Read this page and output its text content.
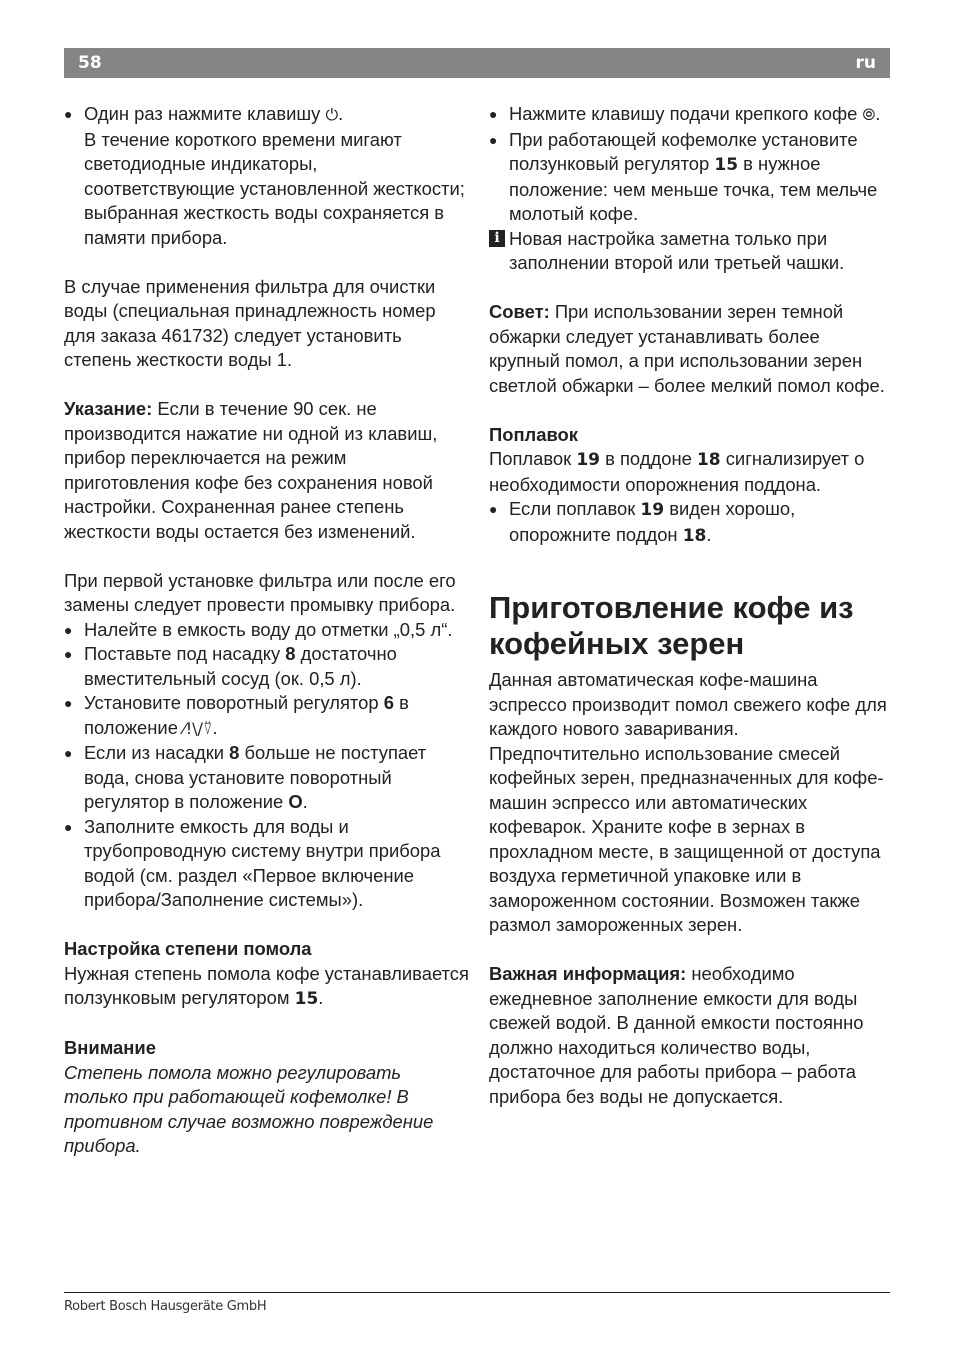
58	ru
● Один раз нажмите клавишу ⏻.
В течение короткого времени мигают светодиодные индикаторы, соответствующие установленной жесткости; выбранная жесткость воды сохраняется в памяти прибора.

В случае применения фильтра для очистки воды (специальная принадлежность номер для заказа 461732) следует установить степень жесткости воды 1.

Указание: Если в течение 90 сек. не производится нажатие ни одной из клавиш, прибор переключается на режим приготовления кофе без сохранения новой настройки. Сохраненная ранее степень жесткости воды остается без изменений.

При первой установке фильтра или после его замены следует провести промывку прибора.

● Налейте в емкость воду до отметки „0,5 л“.
● Поставьте под насадку 8 достаточно вместительный сосуд (ок. 0,5 л).
● Установите поворотный регулятор 6 в положение ⁄!\/⍢.
● Если из насадки 8 больше не поступает вода, снова установите поворотный регулятор в положение O.
● Заполните емкость для воды и трубопроводную систему внутри прибора водой (см. раздел «Первое включение прибора/Заполнение системы»).

Настройка степени помола

Нужная степень помола кофе устанавливается ползунковым регулятором 15.

Внимание

Степень помола можно регулировать только при работающей кофемолке! В противном случае возможно повреждение прибора.

● Нажмите клавишу подачи крепкого кофе ⦾.
● При работающей кофемолке установите ползунковый регулятор 15 в нужное положение: чем меньше точка, тем мельче молотый кофе.
i Новая настройка заметна только при заполнении второй или третьей чашки.

Совет: При использовании зерен темной обжарки следует устанавливать более крупный помол, а при использовании зерен светлой обжарки – более мелкий помол кофе.

Поплавок

Поплавок 19 в поддоне 18 сигнализирует о необходимости опорожнения поддона.

● Если поплавок 19 виден хорошо, опорожните поддон 18.
Приготовление кофе из кофейных зерен

Данная автоматическая кофе-машина эспрессо производит помол свежего кофе для каждого нового заваривания. Предпочтительно использование смесей кофейных зерен, предназначенных для кофе-машин эспрессо или автоматических кофеварок. Храните кофе в зернах в прохладном месте, в защищенной от доступа воздуха герметичной упаковке или в замороженном состоянии. Возможен также размол замороженных зерен.

Важная информация: необходимо ежедневное заполнение емкости для воды свежей водой. В данной емкости постоянно должно находиться количество воды, достаточное для работы прибора – работа прибора без воды не допускается.

Robert Bosch Hausgeräte GmbH
